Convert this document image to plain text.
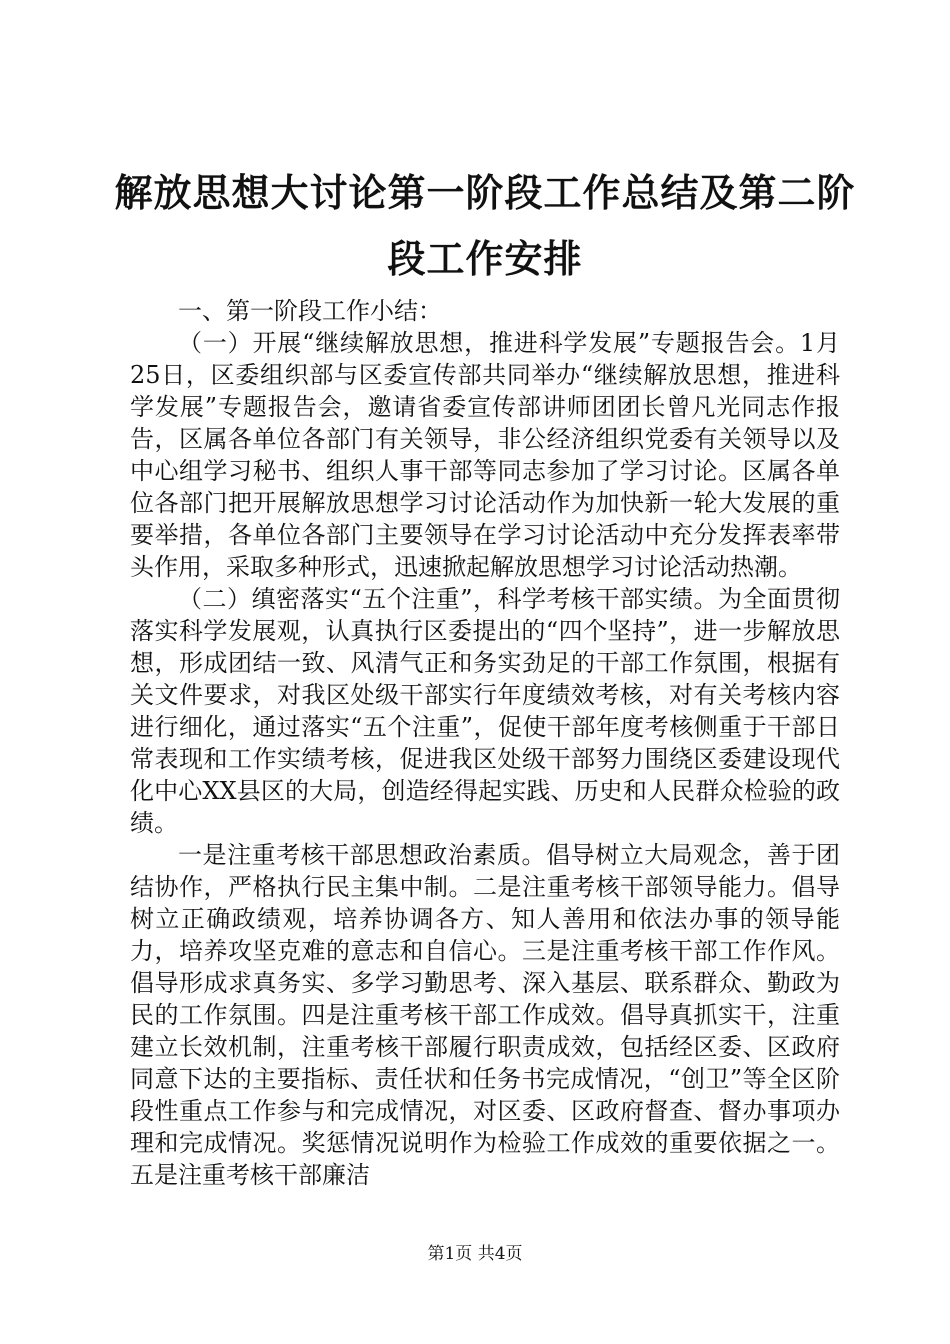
解放思想大讨论第一阶段工作总结及第二阶段工作安排

一、第一阶段工作小结：

（一）开展“继续解放思想，推进科学发展”专题报告会。1月25日，区委组织部与区委宣传部共同举办“继续解放思想，推进科学发展”专题报告会，邀请省委宣传部讲师团团长曾凡光同志作报告，区属各单位各部门有关领导，非公经济组织党委有关领导以及中心组学习秘书、组织人事干部等同志参加了学习讨论。区属各单位各部门把开展解放思想学习讨论活动作为加快新一轮大发展的重要举措，各单位各部门主要领导在学习讨论活动中充分发挥表率带头作用，采取多种形式，迅速掀起解放思想学习讨论活动热潮。

（二）缜密落实“五个注重”，科学考核干部实绩。为全面贯彻落实科学发展观，认真执行区委提出的“四个坚持”，进一步解放思想，形成团结一致、风清气正和务实劲足的干部工作氛围，根据有关文件要求，对我区处级干部实行年度绩效考核，对有关考核内容进行细化，通过落实“五个注重”，促使干部年度考核侧重于干部日常表现和工作实绩考核，促进我区处级干部努力围绕区委建设现代化中心XX县区的大局，创造经得起实践、历史和人民群众检验的政绩。

一是注重考核干部思想政治素质。倡导树立大局观念，善于团结协作，严格执行民主集中制。二是注重考核干部领导能力。倡导树立正确政绩观，培养协调各方、知人善用和依法办事的领导能力，培养攻坚克难的意志和自信心。三是注重考核干部工作作风。倡导形成求真务实、多学习勤思考、深入基层、联系群众、勤政为民的工作氛围。四是注重考核干部工作成效。倡导真抓实干，注重建立长效机制，注重考核干部履行职责成效，包括经区委、区政府同意下达的主要指标、责任状和任务书完成情况，“创卫”等全区阶段性重点工作参与和完成情况，对区委、区政府督查、督办事项办理和完成情况。奖惩情况说明作为检验工作成效的重要依据之一。五是注重考核干部廉洁

第1页 共4页
